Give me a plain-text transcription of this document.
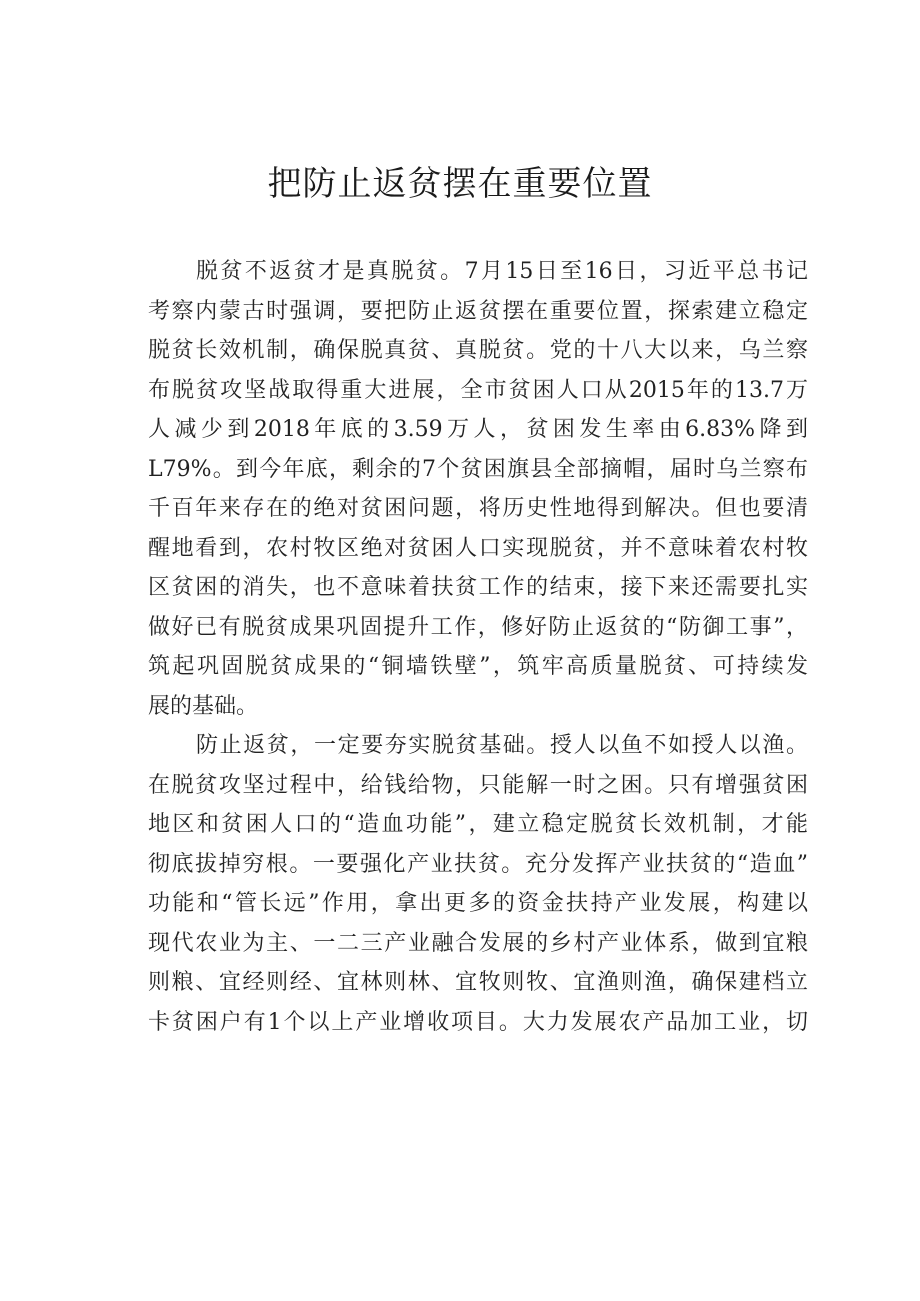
把防止返贫摆在重要位置
脱贫不返贫才是真脱贫。7月15日至16日，习近平总书记
考察内蒙古时强调，要把防止返贫摆在重要位置，探索建立稳定
脱贫长效机制，确保脱真贫、真脱贫。党的十八大以来，乌兰察
布脱贫攻坚战取得重大进展，全市贫困人口从2015年的13.7万
人减少到2018年底的3.59万人，贫困发生率由6.83%降到
L79%。到今年底，剩余的7个贫困旗县全部摘帽，届时乌兰察布
千百年来存在的绝对贫困问题，将历史性地得到解决。但也要清
醒地看到，农村牧区绝对贫困人口实现脱贫，并不意味着农村牧
区贫困的消失，也不意味着扶贫工作的结束，接下来还需要扎实
做好已有脱贫成果巩固提升工作，修好防止返贫的“防御工事”，
筑起巩固脱贫成果的“铜墙铁壁”，筑牢高质量脱贫、可持续发
展的基础。
防止返贫，一定要夯实脱贫基础。授人以鱼不如授人以渔。
在脱贫攻坚过程中，给钱给物，只能解一时之困。只有增强贫困
地区和贫困人口的“造血功能”，建立稳定脱贫长效机制，才能
彻底拔掉穷根。一要强化产业扶贫。充分发挥产业扶贫的“造血”
功能和“管长远”作用，拿出更多的资金扶持产业发展，构建以
现代农业为主、一二三产业融合发展的乡村产业体系，做到宜粮
则粮、宜经则经、宜林则林、宜牧则牧、宜渔则渔，确保建档立
卡贫困户有1个以上产业增收项目。大力发展农产品加工业，切
